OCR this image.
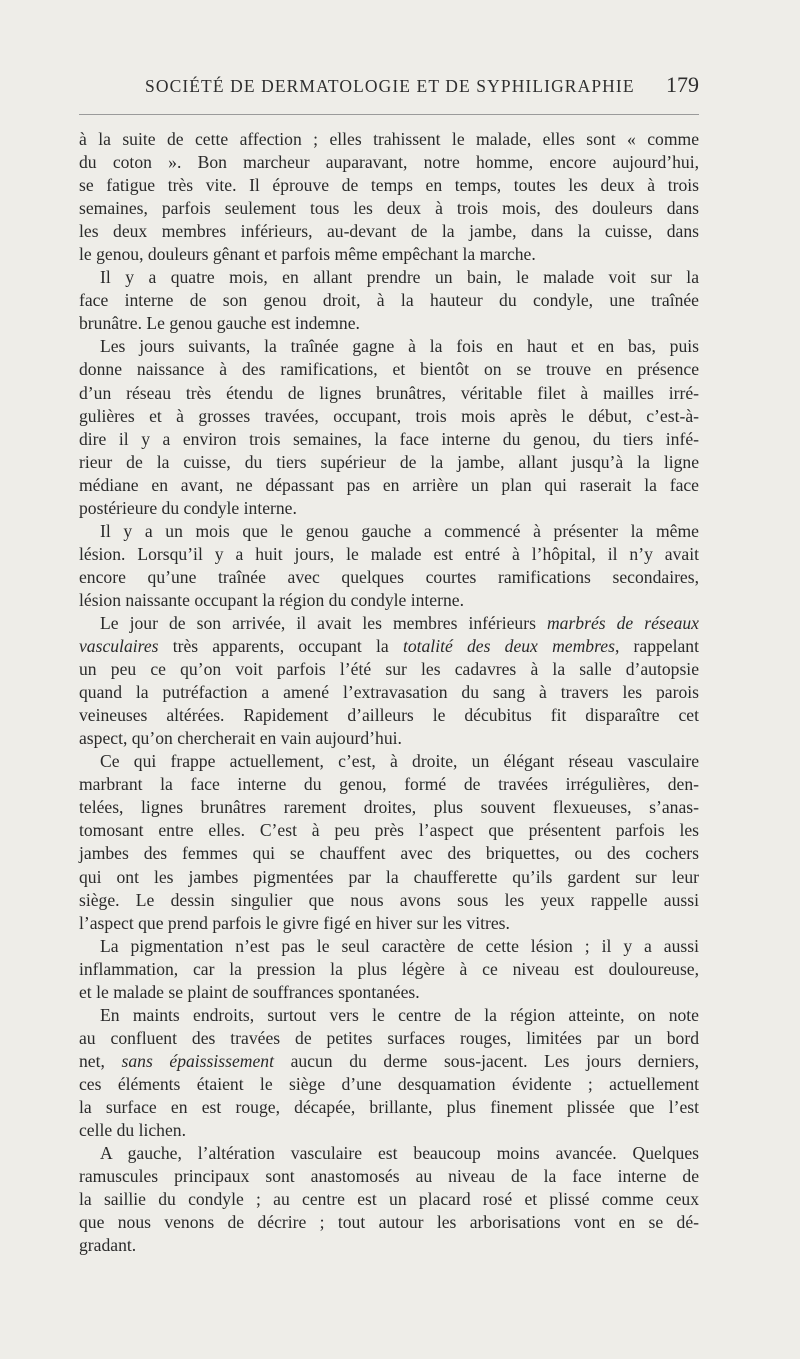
SOCIÉTÉ DE DERMATOLOGIE ET DE SYPHILIGRAPHIE 179
à la suite de cette affection ; elles trahissent le malade, elles sont « comme
du coton ». Bon marcheur auparavant, notre homme, encore aujourd’hui,
se fatigue très vite. Il éprouve de temps en temps, toutes les deux à trois
semaines, parfois seulement tous les deux à trois mois, des douleurs dans
les deux membres inférieurs, au-devant de la jambe, dans la cuisse, dans
le genou, douleurs gênant et parfois même empêchant la marche.
Il y a quatre mois, en allant prendre un bain, le malade voit sur la
face interne de son genou droit, à la hauteur du condyle, une traînée
brunâtre. Le genou gauche est indemne.
Les jours suivants, la traînée gagne à la fois en haut et en bas, puis
donne naissance à des ramifications, et bientôt on se trouve en présence
d’un réseau très étendu de lignes brunâtres, véritable filet à mailles irré-
gulières et à grosses travées, occupant, trois mois après le début, c’est-à-
dire il y a environ trois semaines, la face interne du genou, du tiers infé-
rieur de la cuisse, du tiers supérieur de la jambe, allant jusqu’à la ligne
médiane en avant, ne dépassant pas en arrière un plan qui raserait la face
postérieure du condyle interne.
Il y a un mois que le genou gauche a commencé à présenter la même
lésion. Lorsqu’il y a huit jours, le malade est entré à l’hôpital, il n’y avait
encore qu’une traînée avec quelques courtes ramifications secondaires,
lésion naissante occupant la région du condyle interne.
Le jour de son arrivée, il avait les membres inférieurs marbrés de réseaux
vasculaires très apparents, occupant la totalité des deux membres, rappelant
un peu ce qu’on voit parfois l’été sur les cadavres à la salle d’autopsie
quand la putréfaction a amené l’extravasation du sang à travers les parois
veineuses altérées. Rapidement d’ailleurs le décubitus fit disparaître cet
aspect, qu’on chercherait en vain aujourd’hui.
Ce qui frappe actuellement, c’est, à droite, un élégant réseau vasculaire
marbrant la face interne du genou, formé de travées irrégulières, den-
telées, lignes brunâtres rarement droites, plus souvent flexueuses, s’anas-
tomosant entre elles. C’est à peu près l’aspect que présentent parfois les
jambes des femmes qui se chauffent avec des briquettes, ou des cochers
qui ont les jambes pigmentées par la chaufferette qu’ils gardent sur leur
siège. Le dessin singulier que nous avons sous les yeux rappelle aussi
l’aspect que prend parfois le givre figé en hiver sur les vitres.
La pigmentation n’est pas le seul caractère de cette lésion ; il y a aussi
inflammation, car la pression la plus légère à ce niveau est douloureuse,
et le malade se plaint de souffrances spontanées.
En maints endroits, surtout vers le centre de la région atteinte, on note
au confluent des travées de petites surfaces rouges, limitées par un bord
net, sans épaississement aucun du derme sous-jacent. Les jours derniers,
ces éléments étaient le siège d’une desquamation évidente ; actuellement
la surface en est rouge, décapée, brillante, plus finement plissée que l’est
celle du lichen.
A gauche, l’altération vasculaire est beaucoup moins avancée. Quelques
ramuscules principaux sont anastomosés au niveau de la face interne de
la saillie du condyle ; au centre est un placard rosé et plissé comme ceux
que nous venons de décrire ; tout autour les arborisations vont en se dé-
gradant.
